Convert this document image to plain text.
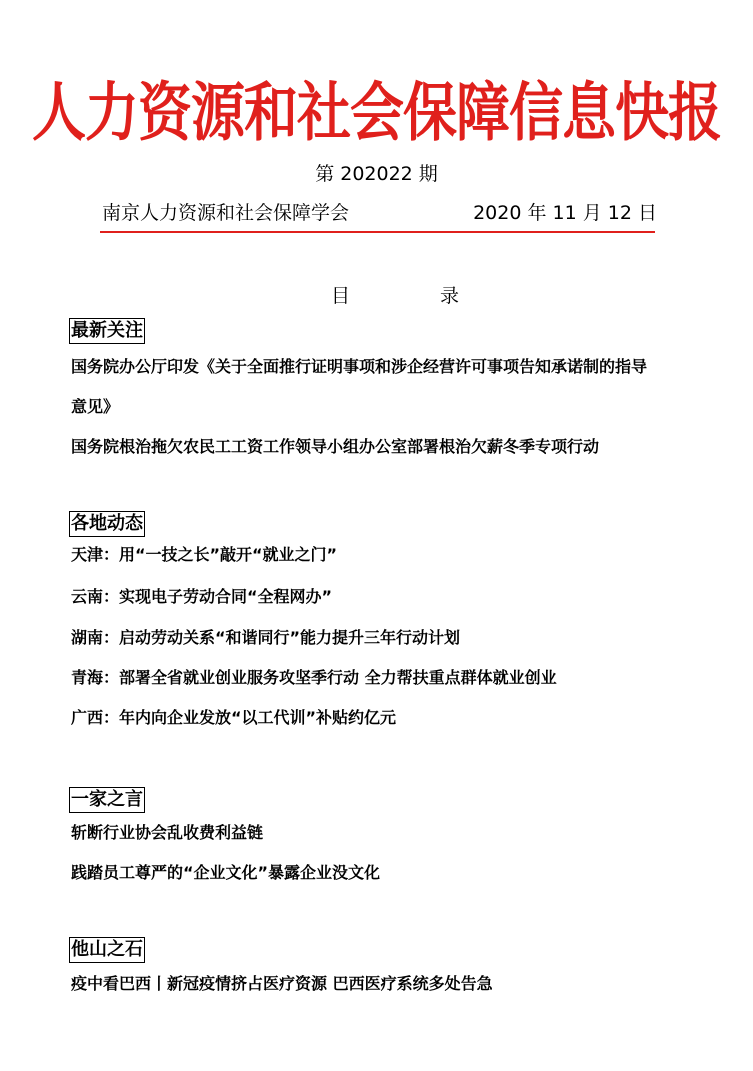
人力资源和社会保障信息快报
第 202022 期
南京人力资源和社会保障学会	2020 年 11 月 12 日
目	录
最新关注
国务院办公厅印发《关于全面推行证明事项和涉企经营许可事项告知承诺制的指导
意见》
国务院根治拖欠农民工工资工作领导小组办公室部署根治欠薪冬季专项行动
各地动态
天津：用“一技之长”敲开“就业之门”
云南：实现电子劳动合同“全程网办”
湖南：启动劳动关系“和谐同行”能力提升三年行动计划
青海：部署全省就业创业服务攻坚季行动 全力帮扶重点群体就业创业
广西：年内向企业发放“以工代训”补贴约亿元
一家之言
斩断行业协会乱收费利益链
践踏员工尊严的“企业文化”暴露企业没文化
他山之石
疫中看巴西丨新冠疫情挤占医疗资源 巴西医疗系统多处告急
